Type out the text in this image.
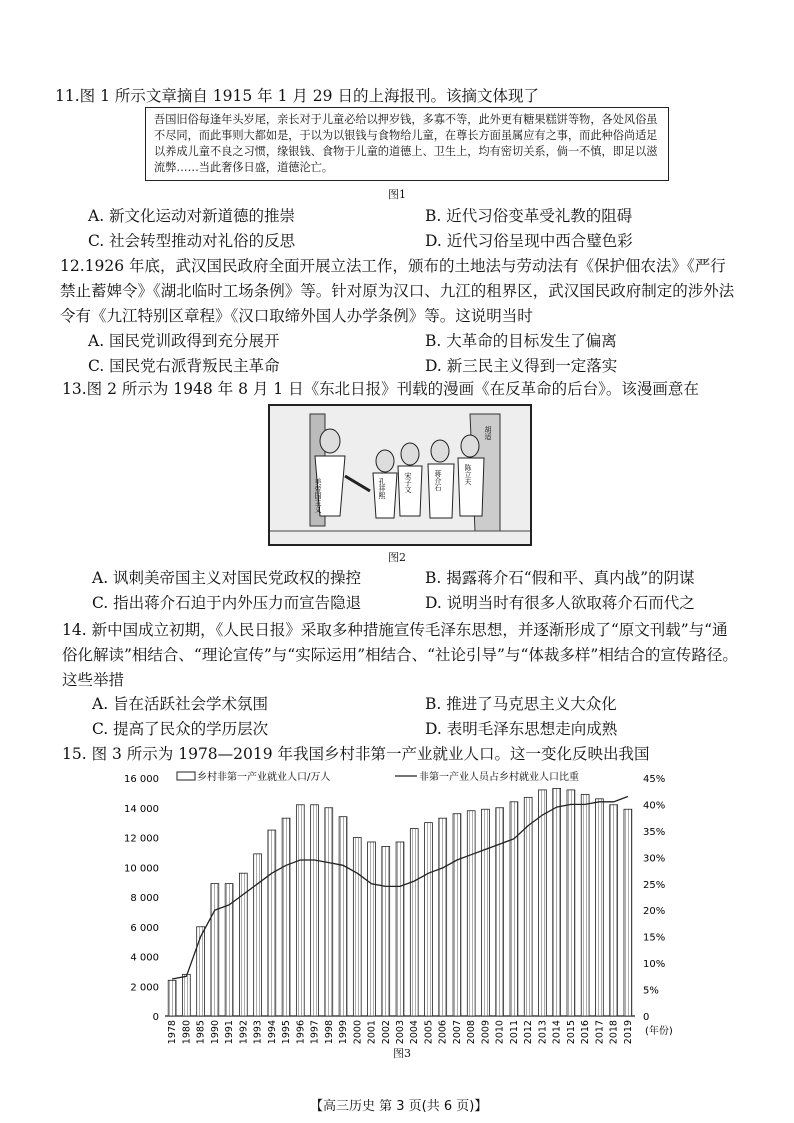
11.图 1 所示文章摘自 1915 年 1 月 29 日的上海报刊。该摘文体现了
吾国旧俗每逢年头岁尾，亲长对于儿童必给以押岁钱，多寡不等，此外更有糖果糕饼等物，各处风俗虽不尽同，而此事则大都如是，于以为以银钱与食物给儿童，在尊长方面虽属应有之事，而此种俗尚适足以养成儿童不良之习惯，缘银钱、食物于儿童的道德上、卫生上，均有密切关系，倘一不慎，即足以滋流弊……当此奢侈日盛，道德沦亡。
图1
A. 新文化运动对新道德的推崇	B. 近代习俗变革受礼教的阻碍
C. 社会转型推动对礼俗的反思	D. 近代习俗呈现中西合璧色彩
12.1926 年底，武汉国民政府全面开展立法工作，颁布的土地法与劳动法有《保护佃农法》《严行禁止蓄婢令》《湖北临时工场条例》等。针对原为汉口、九江的租界区，武汉国民政府制定的涉外法令有《九江特别区章程》《汉口取缔外国人办学条例》等。这说明当时
A. 国民党训政得到充分展开	B. 大革命的目标发生了偏离
C. 国民党右派背叛民主革命	D. 新三民主义得到一定落实
13.图 2 所示为 1948 年 8 月 1 日《东北日报》刊载的漫画《在反革命的后台》。该漫画意在
美帝国主义	孔祥熙	宋子文	蒋介石	陈立夫
胡适
图2
A. 讽刺美帝国主义对国民党政权的操控	B. 揭露蒋介石“假和平、真内战”的阴谋
C. 指出蒋介石迫于内外压力而宣告隐退	D. 说明当时有很多人欲取蒋介石而代之
14. 新中国成立初期，《人民日报》采取多种措施宣传毛泽东思想，并逐渐形成了“原文刊载”与“通俗化解读”相结合、“理论宣传”与“实际运用”相结合、“社论引导”与“体裁多样”相结合的宣传路径。这些举措
A. 旨在活跃社会学术氛围	B. 推进了马克思主义大众化
C. 提高了民众的学历层次	D. 表明毛泽东思想走向成熟
15. 图 3 所示为 1978—2019 年我国乡村非第一产业就业人口。这一变化反映出我国
乡村非第一产业就业人口/万人	非第一产业人员占乡村就业人口比重
16 000
14 000
12 000
10 000
8 000
6 000
4 000
2 000
0
45%
40%
35%
30%
25%
20%
15%
10%
5%
0
1978 1980 1985 1990 1991 1992 1993 1994 1995 1996 1997 1998 1999 2000 2001 2002 2003 2004 2005 2006 2007 2008 2009 2010 2011 2012 2013 2014 2015 2016 2017 2018 2019 (年份)
图3
【高三历史 第 3 页(共 6 页)】
